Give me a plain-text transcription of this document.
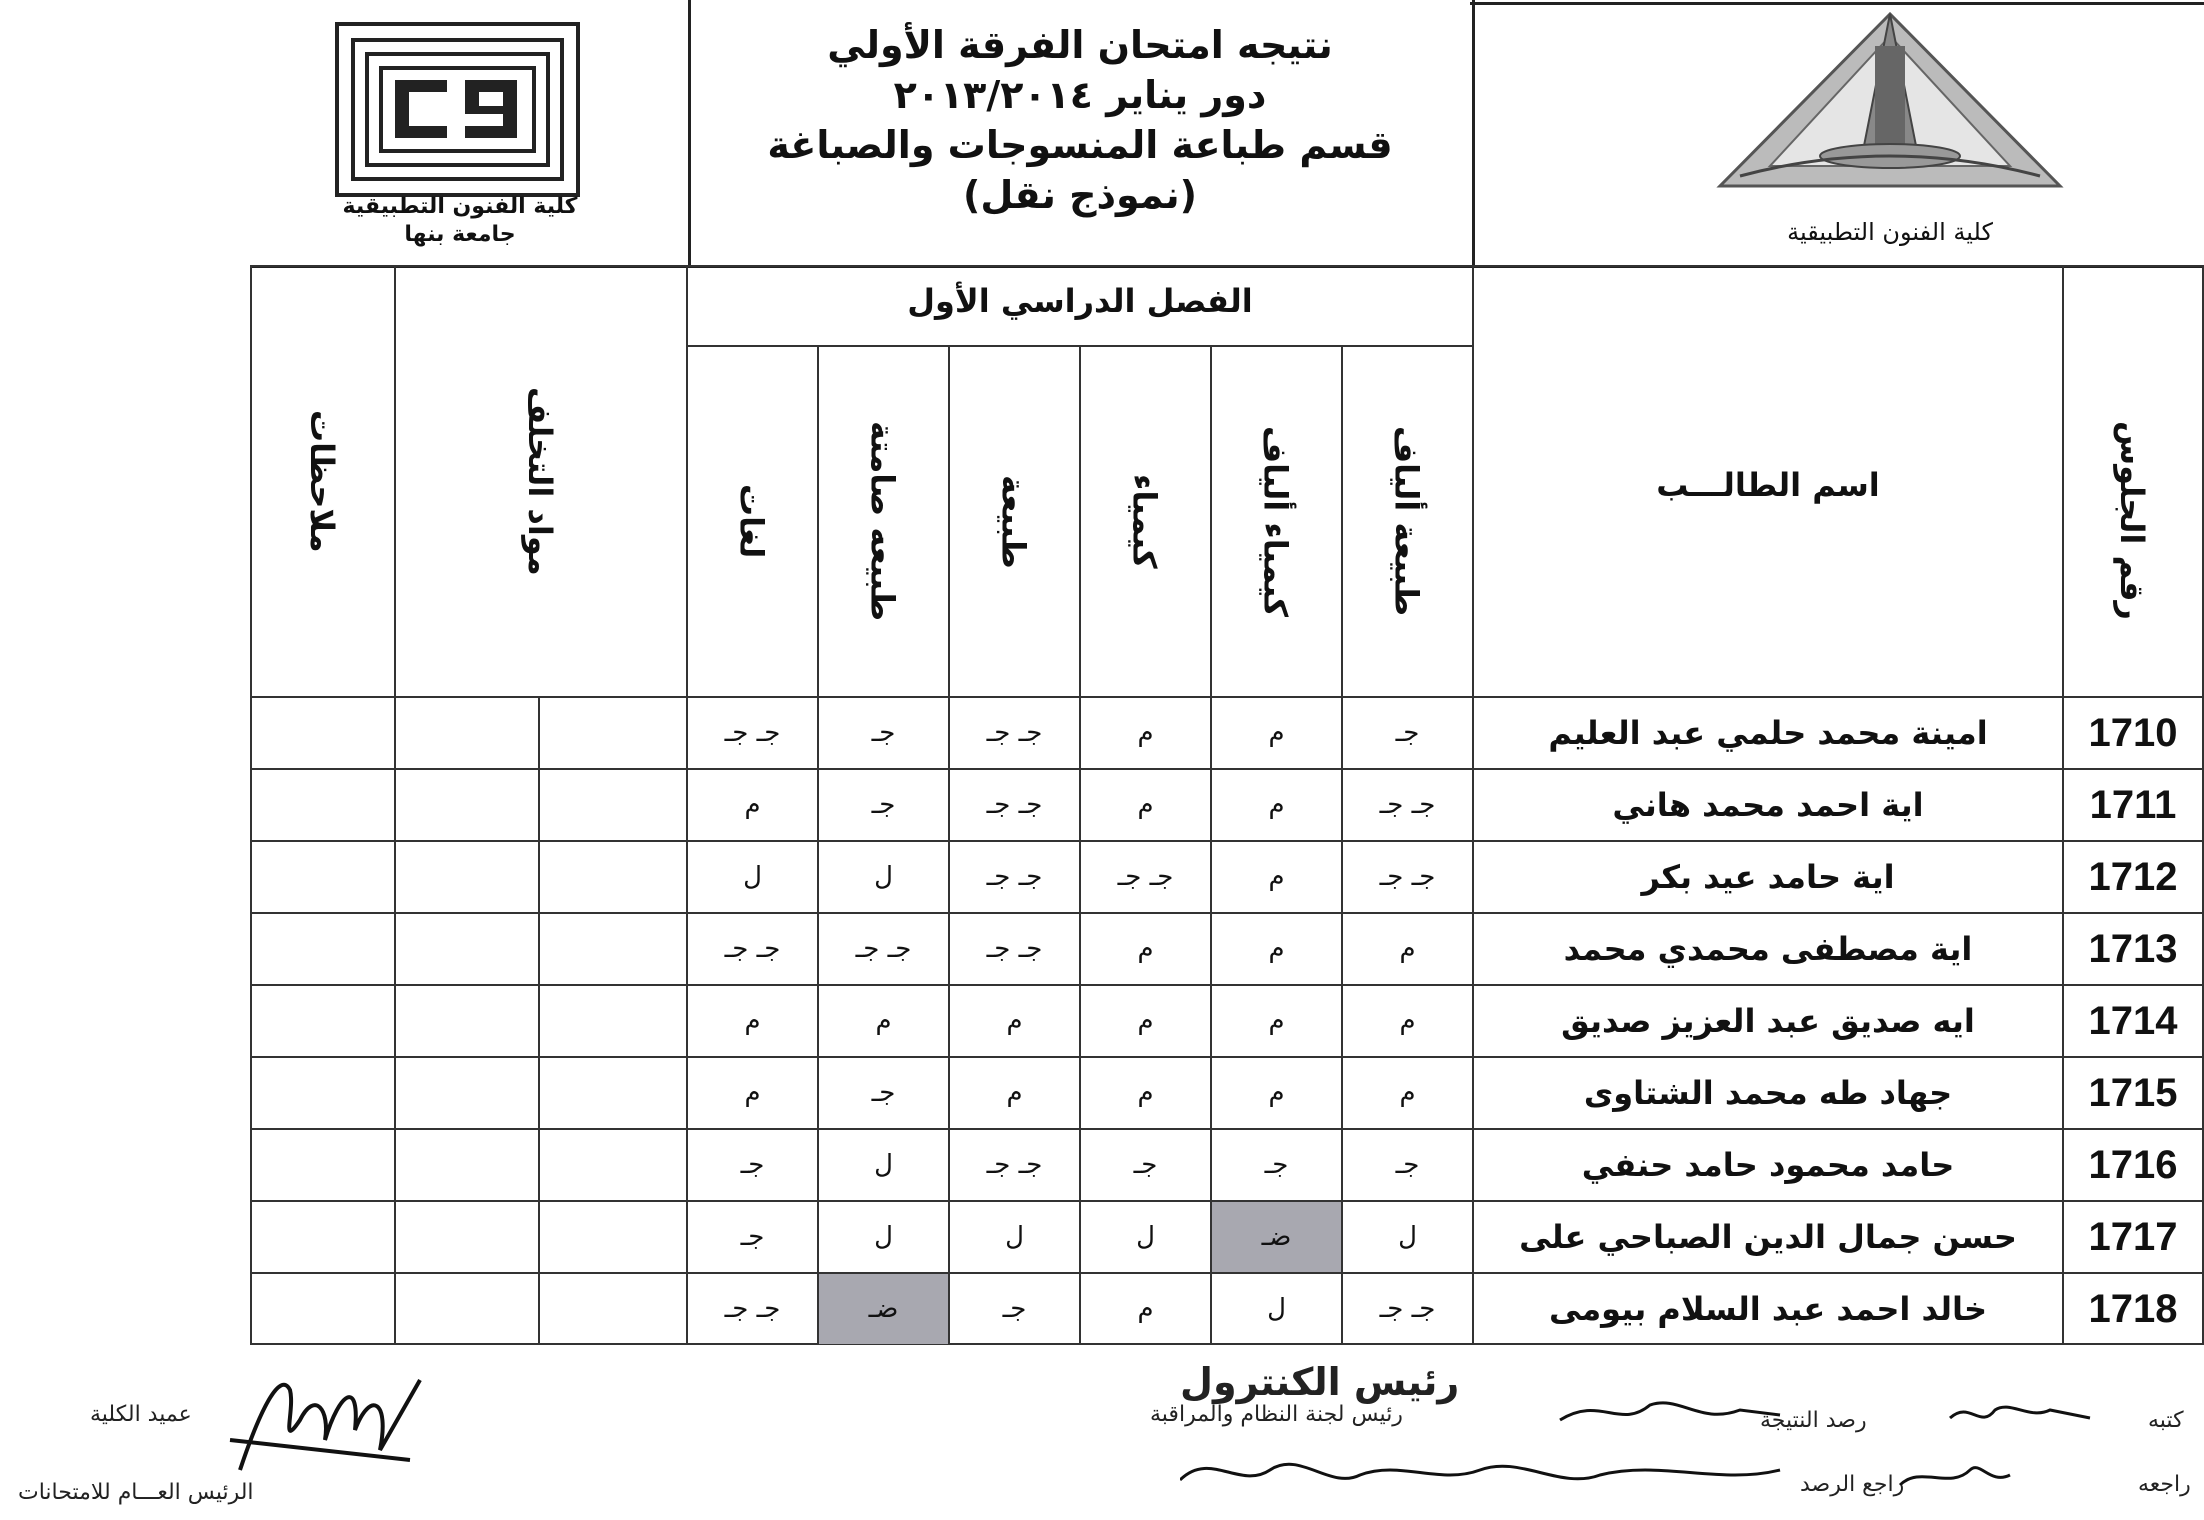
كلية الفنون التطبيقية
جامعة بنها
نتيجه امتحان الفرقة الأولي
دور يناير ٢٠١٣/٢٠١٤
قسم طباعة المنسوجات والصباغة
(نموذج نقل)
كلية الفنون التطبيقية
الفصل الدراسي الأول
رقم الجلوس
اسم الطالـــب
طبيعة ألياف
كيمياء ألياف
كيمياء
طبيعة
طبيعه صامتة
لغات
مواد التخلف
ملاحظات
1710
امينة محمد حلمي عبد العليم
جـ
م
م
جـ جـ
جـ
جـ جـ
1711
اية احمد محمد هاني
جـ جـ
م
م
جـ جـ
جـ
م
1712
اية حامد عيد بكر
جـ جـ
م
جـ جـ
جـ جـ
ل
ل
1713
اية مصطفى محمدي محمد
م
م
م
جـ جـ
جـ جـ
جـ جـ
1714
ايه صديق عبد العزيز صديق
م
م
م
م
م
م
1715
جهاد طه محمد الشتاوى
م
م
م
م
جـ
م
1716
حامد محمود حامد حنفي
جـ
جـ
جـ
جـ جـ
ل
جـ
1717
حسن جمال الدين الصباحي على
ل
ضـ
ل
ل
ل
جـ
1718
خالد احمد عبد السلام بيومى
جـ جـ
ل
م
جـ
ضـ
جـ جـ
عميد الكلية
الرئيس العـــام للامتحانات
رئيس الكنترول
رئيس لجنة النظام والمراقبة	كتبه
رصد النتيجة
راجعه
راجع الرصد
